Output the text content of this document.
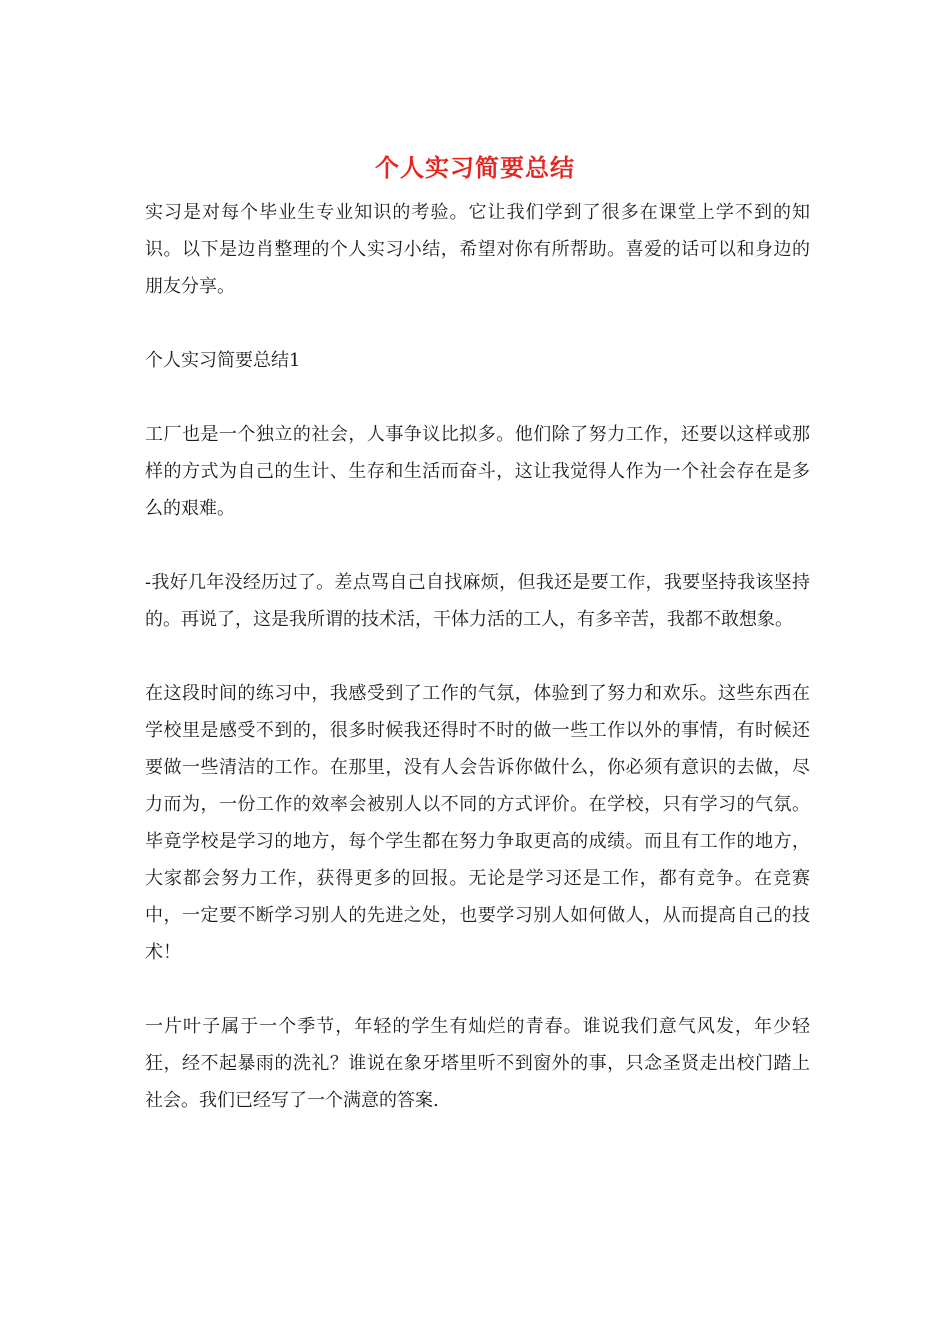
个人实习简要总结

实习是对每个毕业生专业知识的考验。它让我们学到了很多在课堂上学不到的知识。以下是边肖整理的个人实习小结，希望对你有所帮助。喜爱的话可以和身边的朋友分享。

个人实习简要总结1

工厂也是一个独立的社会，人事争议比拟多。他们除了努力工作，还要以这样或那样的方式为自己的生计、生存和生活而奋斗，这让我觉得人作为一个社会存在是多么的艰难。

-我好几年没经历过了。差点骂自己自找麻烦，但我还是要工作，我要坚持我该坚持的。再说了，这是我所谓的技术活，干体力活的工人，有多辛苦，我都不敢想象。

在这段时间的练习中，我感受到了工作的气氛，体验到了努力和欢乐。这些东西在学校里是感受不到的，很多时候我还得时不时的做一些工作以外的事情，有时候还要做一些清洁的工作。在那里，没有人会告诉你做什么，你必须有意识的去做，尽力而为，一份工作的效率会被别人以不同的方式评价。在学校，只有学习的气氛。毕竟学校是学习的地方，每个学生都在努力争取更高的成绩。而且有工作的地方，大家都会努力工作，获得更多的回报。无论是学习还是工作，都有竞争。在竞赛中，一定要不断学习别人的先进之处，也要学习别人如何做人，从而提高自己的技术！

一片叶子属于一个季节，年轻的学生有灿烂的青春。谁说我们意气风发，年少轻狂，经不起暴雨的洗礼？谁说在象牙塔里听不到窗外的事，只念圣贤走出校门踏上社会。我们已经写了一个满意的答案.
